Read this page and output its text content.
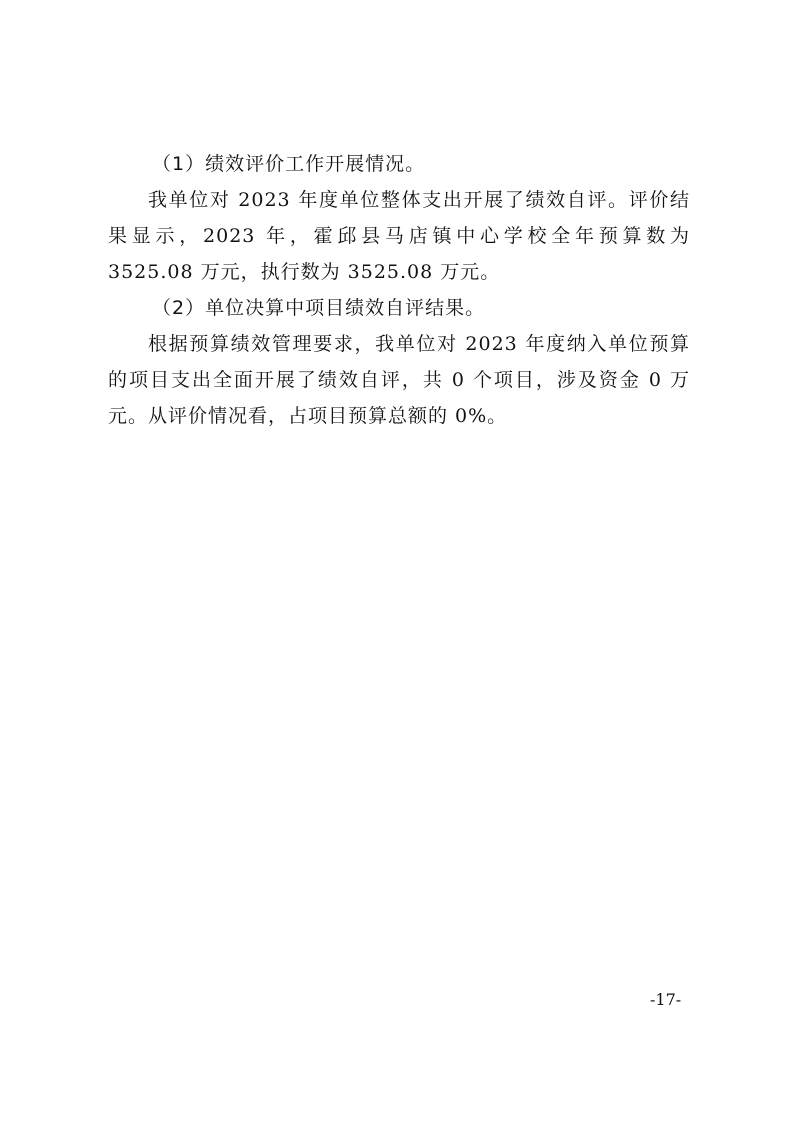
（1）绩效评价工作开展情况。

我单位对 2023 年度单位整体支出开展了绩效自评。评价结果显示，2023 年，霍邱县马店镇中心学校全年预算数为 3525.08 万元，执行数为 3525.08 万元。

（2）单位决算中项目绩效自评结果。

根据预算绩效管理要求，我单位对 2023 年度纳入单位预算的项目支出全面开展了绩效自评，共 0 个项目，涉及资金 0 万元。从评价情况看，占项目预算总额的 0%。

-17-
